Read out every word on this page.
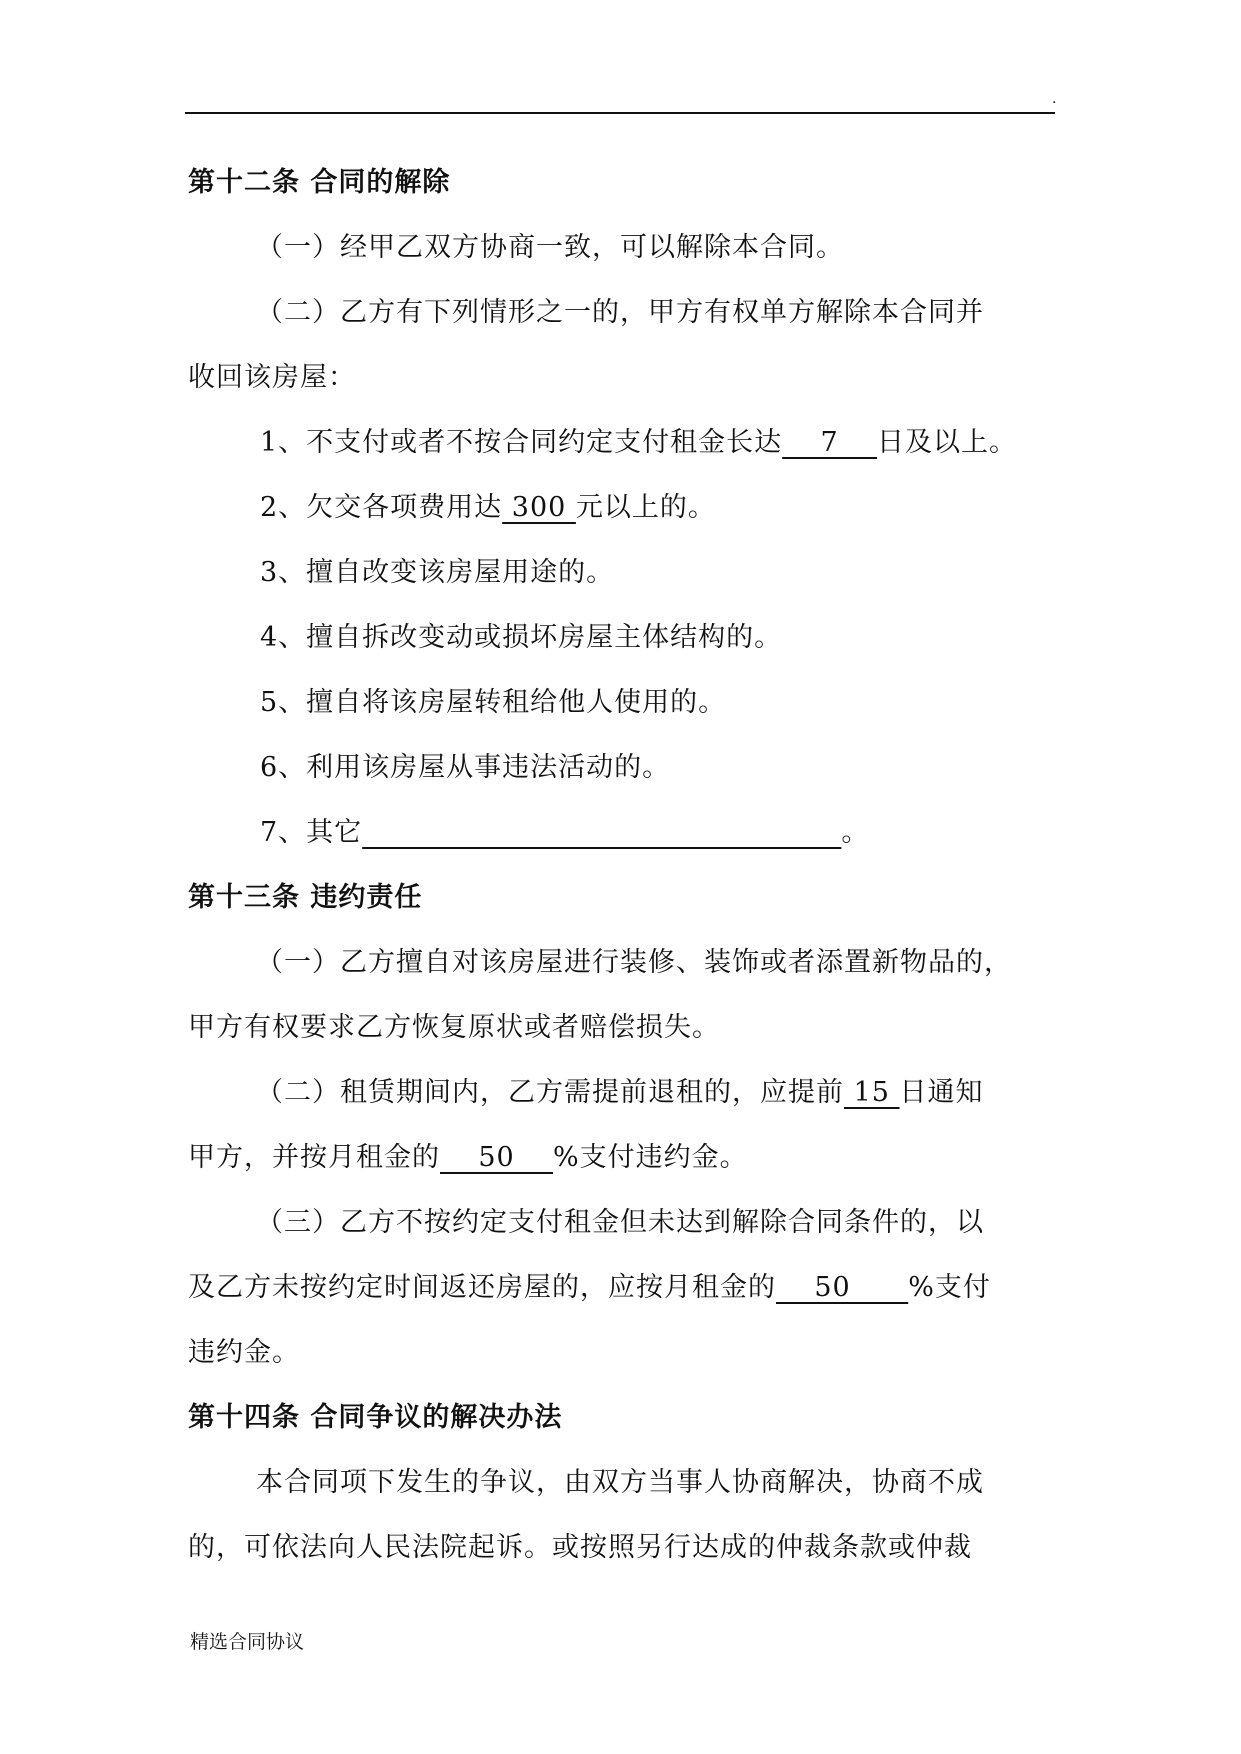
.
第十二条 合同的解除
（一）经甲乙双方协商一致，可以解除本合同。
（二）乙方有下列情形之一的，甲方有权单方解除本合同并
收回该房屋：
1、不支付或者不按合同约定支付租金长达    7    日及以上。
2、欠交各项费用达 300 元以上的。
3、擅自改变该房屋用途的。
4、擅自拆改变动或损坏房屋主体结构的。
5、擅自将该房屋转租给他人使用的。
6、利用该房屋从事违法活动的。
7、其它	。
第十三条 违约责任
（一）乙方擅自对该房屋进行装修、装饰或者添置新物品的，
甲方有权要求乙方恢复原状或者赔偿损失。
（二）租赁期间内，乙方需提前退租的，应提前 15 日通知
甲方，并按月租金的    50    %支付违约金。
（三）乙方不按约定支付租金但未达到解除合同条件的，以
及乙方未按约定时间返还房屋的，应按月租金的    50      %支付
违约金。
第十四条 合同争议的解决办法
本合同项下发生的争议，由双方当事人协商解决，协商不成
的，可依法向人民法院起诉。或按照另行达成的仲裁条款或仲裁
精选合同协议
